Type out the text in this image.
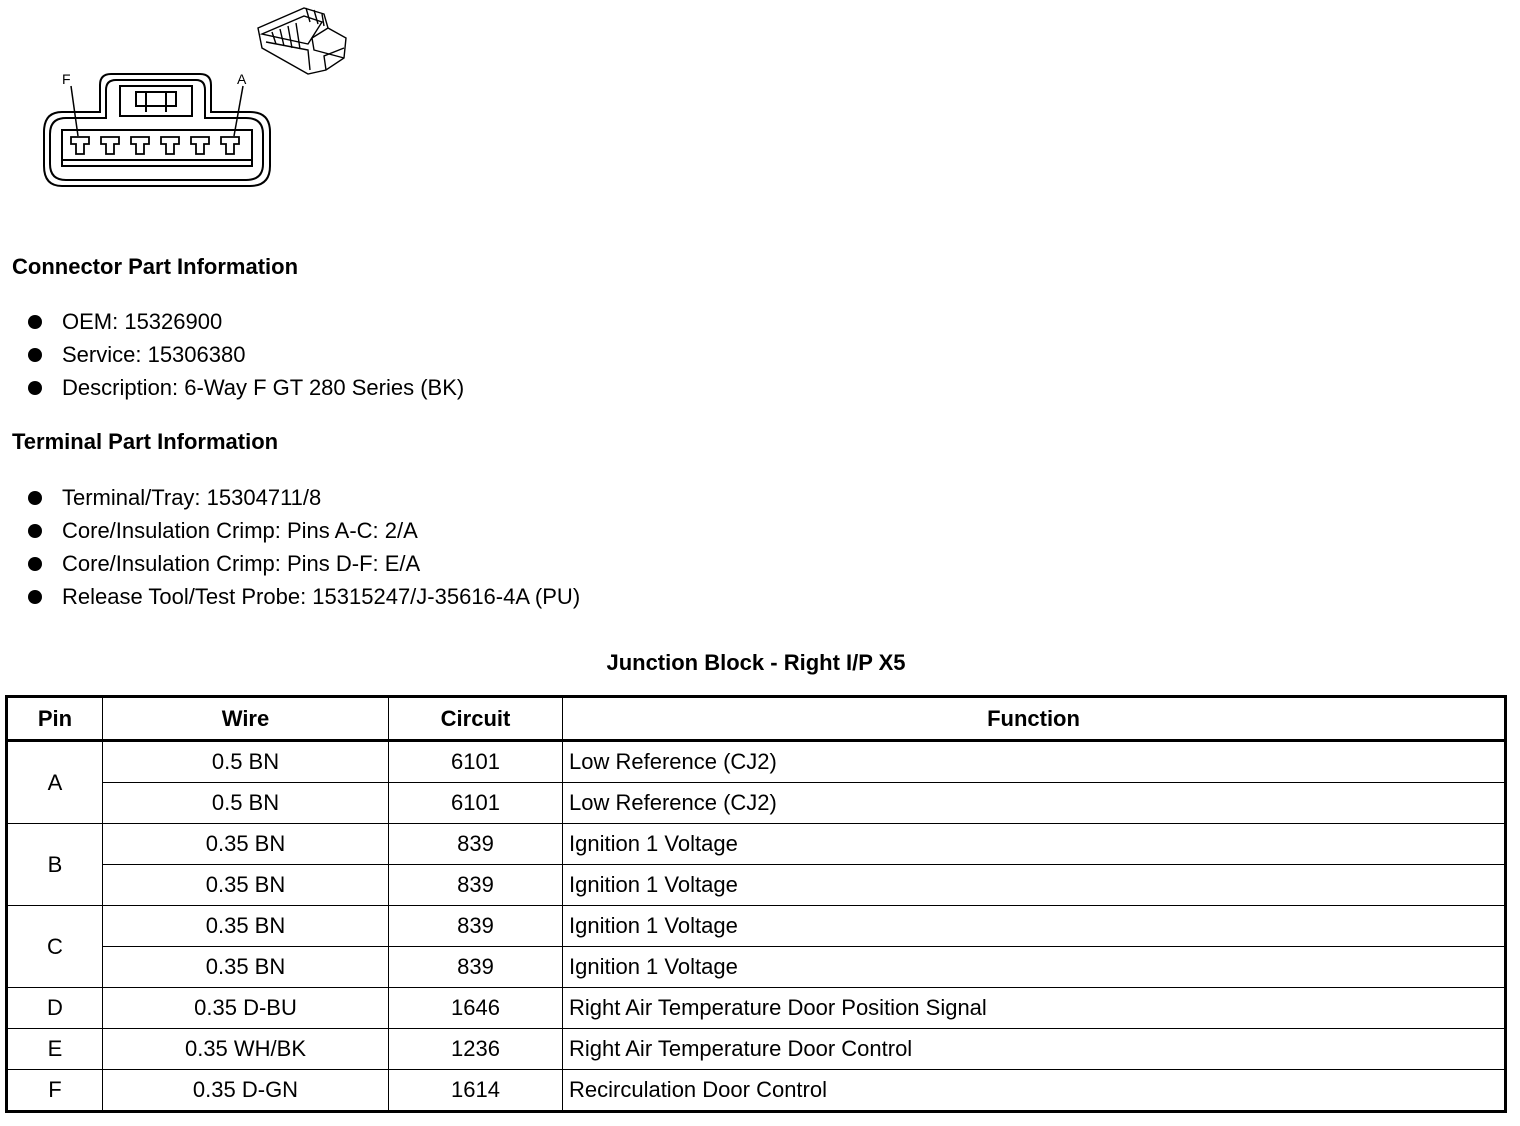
F	A
Connector Part Information
OEM: 15326900
Service: 15306380
Description: 6-Way F GT 280 Series (BK)
Terminal Part Information
Terminal/Tray: 15304711/8
Core/Insulation Crimp: Pins A-C: 2/A
Core/Insulation Crimp: Pins D-F: E/A
Release Tool/Test Probe: 15315247/J-35616-4A (PU)
Junction Block - Right I/P X5
Pin	Wire	Circuit	Function
A	0.5 BN	6101	Low Reference (CJ2)
	0.5 BN	6101	Low Reference (CJ2)
B	0.35 BN	839	Ignition 1 Voltage
	0.35 BN	839	Ignition 1 Voltage
C	0.35 BN	839	Ignition 1 Voltage
	0.35 BN	839	Ignition 1 Voltage
D	0.35 D-BU	1646	Right Air Temperature Door Position Signal
E	0.35 WH/BK	1236	Right Air Temperature Door Control
F	0.35 D-GN	1614	Recirculation Door Control
